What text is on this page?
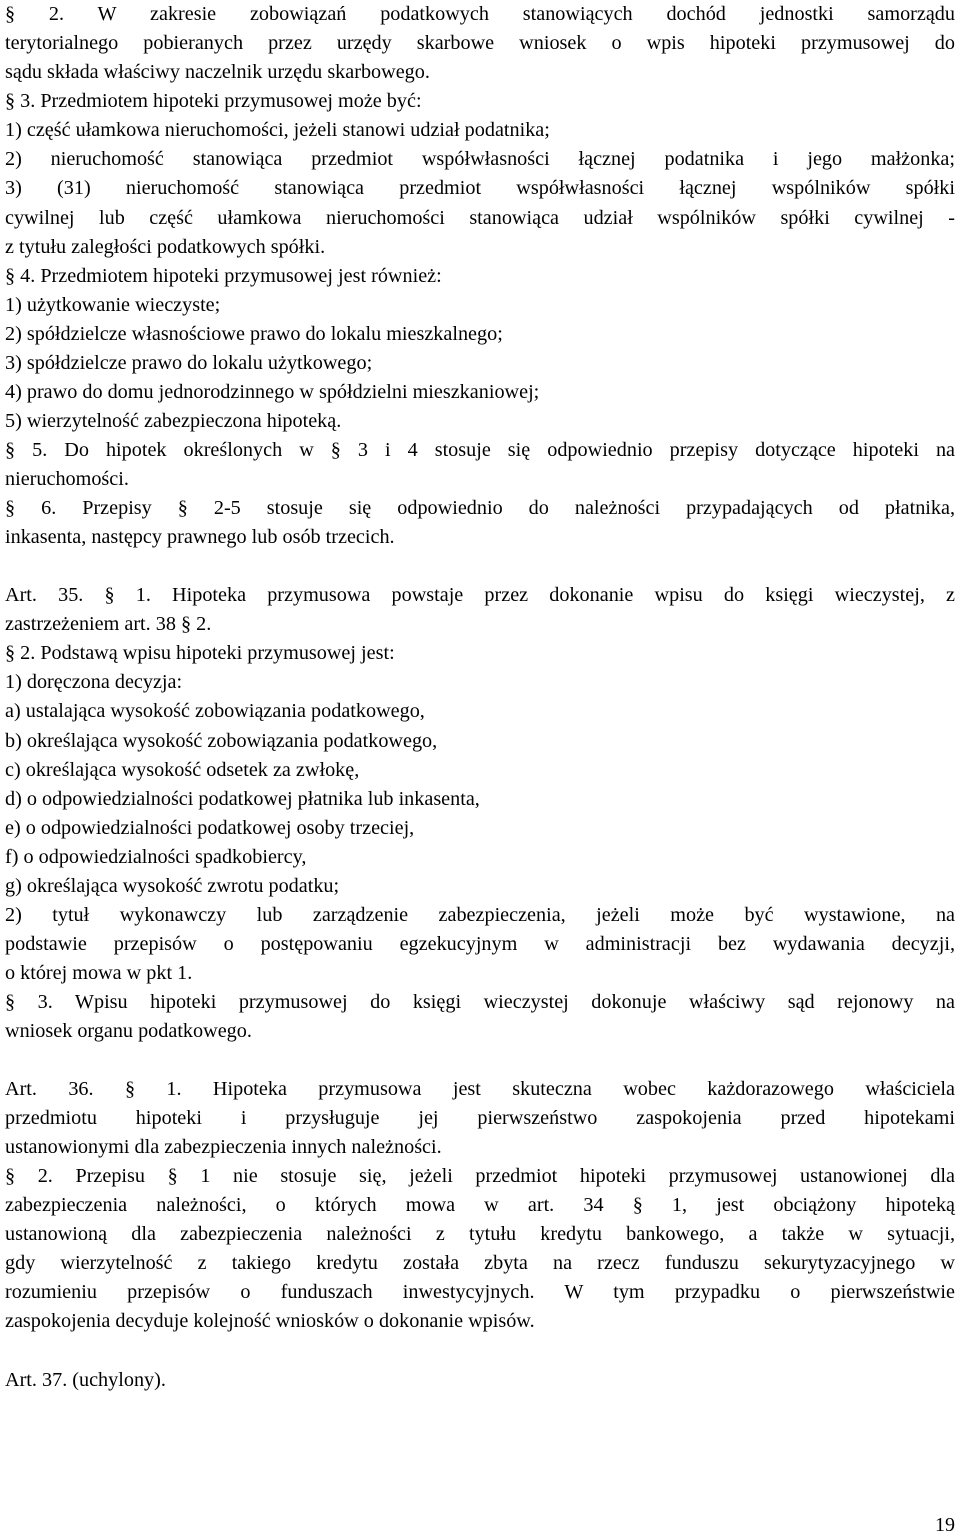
§ 2. W zakresie zobowiązań podatkowych stanowiących dochód jednostki samorządu
terytorialnego pobieranych przez urzędy skarbowe wniosek o wpis hipoteki przymusowej do
sądu składa właściwy naczelnik urzędu skarbowego.
§ 3. Przedmiotem hipoteki przymusowej może być:
1) część ułamkowa nieruchomości, jeżeli stanowi udział podatnika;
2) nieruchomość stanowiąca przedmiot współwłasności łącznej podatnika i jego małżonka;
3) (31) nieruchomość stanowiąca przedmiot współwłasności łącznej wspólników spółki
cywilnej lub część ułamkowa nieruchomości stanowiąca udział wspólników spółki cywilnej -
z tytułu zaległości podatkowych spółki.
§ 4. Przedmiotem hipoteki przymusowej jest również:
1) użytkowanie wieczyste;
2) spółdzielcze własnościowe prawo do lokalu mieszkalnego;
3) spółdzielcze prawo do lokalu użytkowego;
4) prawo do domu jednorodzinnego w spółdzielni mieszkaniowej;
5) wierzytelność zabezpieczona hipoteką.
§ 5. Do hipotek określonych w § 3 i 4 stosuje się odpowiednio przepisy dotyczące hipoteki na
nieruchomości.
§ 6. Przepisy § 2-5 stosuje się odpowiednio do należności przypadających od płatnika,
inkasenta, następcy prawnego lub osób trzecich.
Art. 35. § 1. Hipoteka przymusowa powstaje przez dokonanie wpisu do księgi wieczystej, z
zastrzeżeniem art. 38 § 2.
§ 2. Podstawą wpisu hipoteki przymusowej jest:
1) doręczona decyzja:
a) ustalająca wysokość zobowiązania podatkowego,
b) określająca wysokość zobowiązania podatkowego,
c) określająca wysokość odsetek za zwłokę,
d) o odpowiedzialności podatkowej płatnika lub inkasenta,
e) o odpowiedzialności podatkowej osoby trzeciej,
f) o odpowiedzialności spadkobiercy,
g) określająca wysokość zwrotu podatku;
2) tytuł wykonawczy lub zarządzenie zabezpieczenia, jeżeli może być wystawione, na
podstawie przepisów o postępowaniu egzekucyjnym w administracji bez wydawania decyzji,
o której mowa w pkt 1.
§ 3. Wpisu hipoteki przymusowej do księgi wieczystej dokonuje właściwy sąd rejonowy na
wniosek organu podatkowego.
Art. 36. § 1. Hipoteka przymusowa jest skuteczna wobec każdorazowego właściciela
przedmiotu hipoteki i przysługuje jej pierwszeństwo zaspokojenia przed hipotekami
ustanowionymi dla zabezpieczenia innych należności.
§ 2. Przepisu § 1 nie stosuje się, jeżeli przedmiot hipoteki przymusowej ustanowionej dla
zabezpieczenia należności, o których mowa w art. 34 § 1, jest obciążony hipoteką
ustanowioną dla zabezpieczenia należności z tytułu kredytu bankowego, a także w sytuacji,
gdy wierzytelność z takiego kredytu została zbyta na rzecz funduszu sekurytyzacyjnego w
rozumieniu przepisów o funduszach inwestycyjnych. W tym przypadku o pierwszeństwie
zaspokojenia decyduje kolejność wniosków o dokonanie wpisów.
Art. 37. (uchylony).
19
